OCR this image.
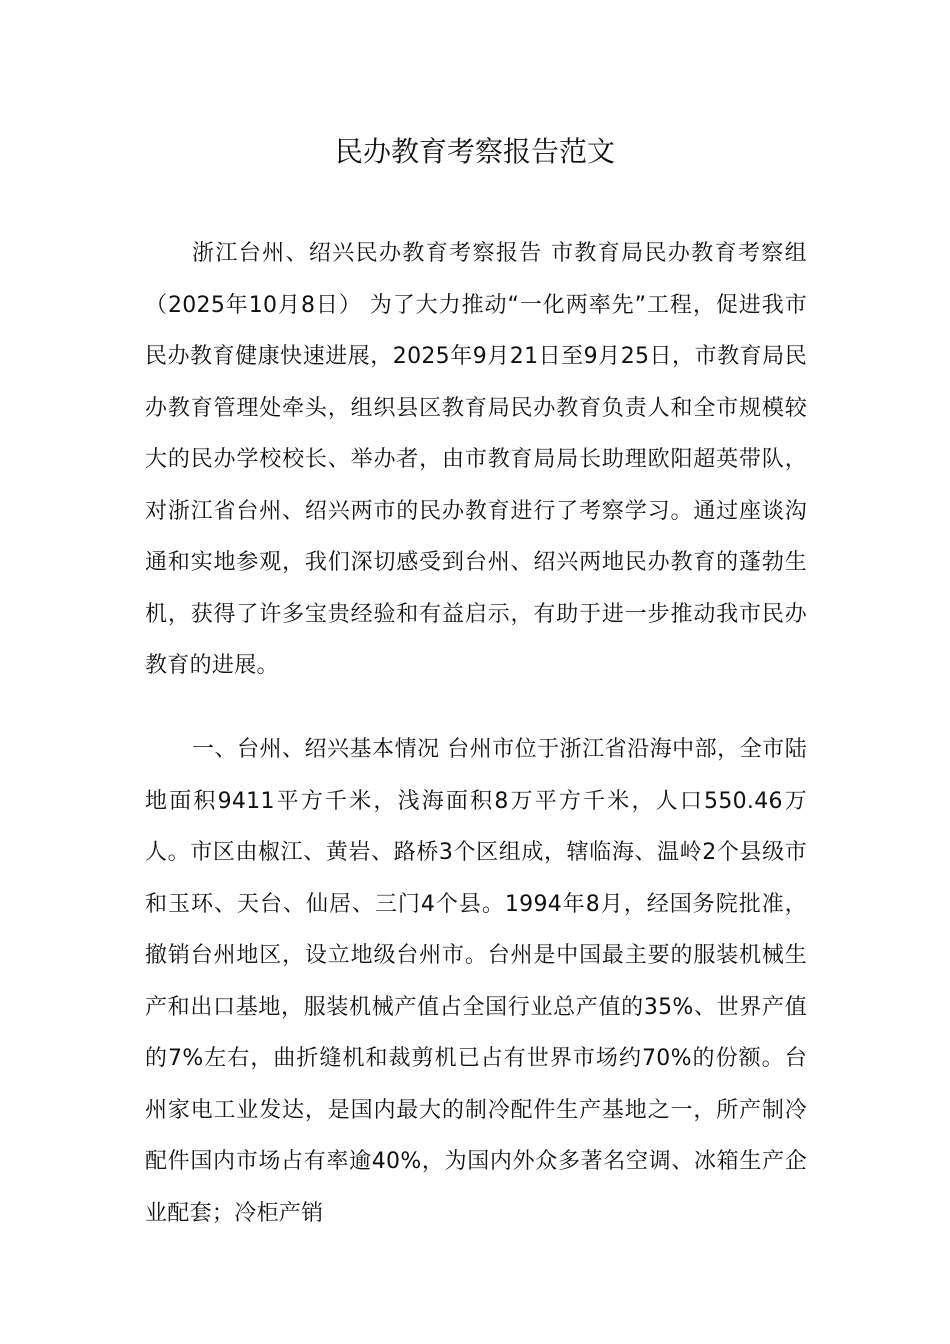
民办教育考察报告范文

浙江台州、绍兴民办教育考察报告 市教育局民办教育考察组 （2025年10月8日） 为了大力推动“一化两率先”工程，促进我市民办教育健康快速进展，2025年9月21日至9月25日，市教育局民办教育管理处牵头，组织县区教育局民办教育负责人和全市规模较大的民办学校校长、举办者，由市教育局局长助理欧阳超英带队，对浙江省台州、绍兴两市的民办教育进行了考察学习。通过座谈沟通和实地参观，我们深切感受到台州、绍兴两地民办教育的蓬勃生机，获得了许多宝贵经验和有益启示，有助于进一步推动我市民办教育的进展。

一、台州、绍兴基本情况 台州市位于浙江省沿海中部，全市陆地面积9411平方千米，浅海面积8万平方千米，人口550.46万人。市区由椒江、黄岩、路桥3个区组成，辖临海、温岭2个县级市和玉环、天台、仙居、三门4个县。1994年8月，经国务院批准，撤销台州地区，设立地级台州市。台州是中国最主要的服装机械生产和出口基地，服装机械产值占全国行业总产值的35%、世界产值的7%左右，曲折缝机和裁剪机已占有世界市场约70%的份额。台州家电工业发达，是国内最大的制冷配件生产基地之一，所产制冷配件国内市场占有率逾40%，为国内外众多著名空调、冰箱生产企业配套；冷柜产销
